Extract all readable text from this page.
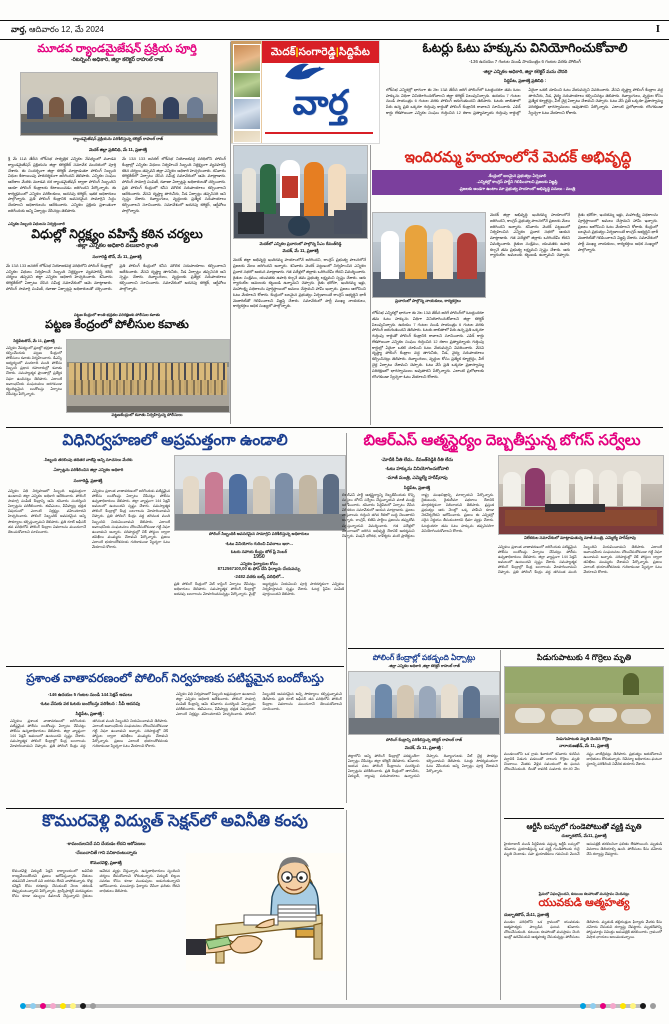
వార్త, ఆదివారం 12, మే 2024	I
మెదక్|సంగారెడ్డి|సిద్దిపేట
వార్త
మూడవ ర్యాండమైజేషన్ ప్రక్రియ పూర్తి
-రిటర్నింగ్ అధికారి, జిల్లా కలెక్టర్ రాహుల్ రాజ్
ర్యాండమైజేషన్ ప్రక్రియను పరిశీలిస్తున్న కలెక్టర్ రాహుల్ రాజ్
మెదక్ జిల్లా ప్రతినిధి, మే 11, ప్రజాశక్తి
శ్రీ మే 11వ తేదీన లోక్‌సభ సార్వత్రిక ఎన్నికల నేపథ్యంలో మూడవ ర్యాండమైజేషన్ ప్రక్రియను జిల్లా కలెక్టరేట్ సమావేశ మందిరంలో పూర్తి చేశారు. ఈ సందర్భంగా జిల్లా కలెక్టర్ మాట్లాడుతూ పోలింగ్ సిబ్బంది విధుల కేటాయింపు పారదర్శకంగా జరిగిందని తెలిపారు. ఎన్నికల సంఘం ఆదేశాల మేరకు మూడవ దశ ర్యాండమైజేషన్ ద్వారా పోలింగ్ సిబ్బందిని ఆయా పోలింగ్ కేంద్రాలకు కేటాయించడం జరిగిందని పేర్కొన్నారు. ఈ కార్యక్రమంలో ఎన్నికల పరిశీలకులు, అదనపు కలెక్టర్, ఇతర అధికారులు పాల్గొన్నారు. ప్రతి పోలింగ్ కేంద్రానికి అవసరమైన సామాగ్రిని సిద్ధం చేయాలని అధికారులను ఆదేశించారు. ఎన్నికల ప్రక్రియ ప్రశాంతంగా జరిగేందుకు అన్ని ఏర్పాట్లు చేసినట్లు తెలిపారు.
మే 13న 133 జనరల్ లోక్‌సభ నియోజకవర్గ పరిధిలోని పోలింగ్ కేంద్రాల్లో ఎన్నికల విధులు నిర్వహించే సిబ్బంది నిర్లక్ష్యంగా వ్యవహరిస్తే కఠిన చర్యలు తప్పవని జిల్లా ఎన్నికల అధికారి హెచ్చరించారు. శనివారం కలెక్టరేట్‌లో ఏర్పాటు చేసిన సమీక్ష సమావేశంలో ఆమె మాట్లాడారు. పోలింగ్ సామాగ్రి పంపిణీ, రవాణా ఏర్పాట్లపై అధికారులతో చర్చించారు. ప్రతి పోలింగ్ కేంద్రంలో కనీస మౌలిక సదుపాయాలు కల్పించాలని ఆదేశించారు. వేసవి దృష్ట్యా తాగునీరు, నీడ ఏర్పాట్లు తప్పనిసరి అని స్పష్టం చేశారు. దివ్యాంగులు, వృద్ధులకు ప్రత్యేక సదుపాయాలు కల్పించాలని సూచించారు. సమావేశంలో అదనపు కలెక్టర్, ఆర్డీవోలు పాల్గొన్నారు.
ఎన్నికల సిబ్బంది విధులను నిర్వర్తించాలి
విధుల్లో నిర్లక్ష్యం వహిస్తే కఠిన చర్యలు
-జిల్లా ఎన్నికల అధికారి వలుబారి క్రాంతి
సంగారెడ్డి టౌన్, మే 11, ప్రజాశక్తి
మే 13న 133 జనరల్ లోక్‌సభ నియోజకవర్గ పరిధిలోని పోలింగ్ కేంద్రాల్లో ఎన్నికల విధులు నిర్వహించే సిబ్బంది నిర్లక్ష్యంగా వ్యవహరిస్తే కఠిన చర్యలు తప్పవని జిల్లా ఎన్నికల అధికారి హెచ్చరించారు. శనివారం కలెక్టరేట్‌లో ఏర్పాటు చేసిన సమీక్ష సమావేశంలో ఆమె మాట్లాడారు. పోలింగ్ సామాగ్రి పంపిణీ, రవాణా ఏర్పాట్లపై అధికారులతో చర్చించారు. ప్రతి పోలింగ్ కేంద్రంలో కనీస మౌలిక సదుపాయాలు కల్పించాలని ఆదేశించారు. వేసవి దృష్ట్యా తాగునీరు, నీడ ఏర్పాట్లు తప్పనిసరి అని స్పష్టం చేశారు. దివ్యాంగులు, వృద్ధులకు ప్రత్యేక సదుపాయాలు కల్పించాలని సూచించారు. సమావేశంలో అదనపు కలెక్టర్, ఆర్డీవోలు పాల్గొన్నారు.
పట్టణ కేంద్రంలో శాంతి భద్రతల పరిరక్షణకు పోలీసుల కవాతు
పట్టణ కేంద్రంలో పోలీసుల కవాతు
సిద్దిపేటటౌన్, మే 11, ప్రజాశక్తి
ఎన్నికల నేపథ్యంలో ప్రజల్లో భద్రతా భావం కల్పించేందుకు పట్టణ కేంద్రంలో పోలీసులు కవాతు నిర్వహించారు. డీఎస్పీ ఆధ్వర్యంలో వందలాది మంది పోలీసు సిబ్బంది ప్రధాన రహదారుల్లో కవాతు చేశారు. సమస్యాత్మక ప్రాంతాల్లో ప్రత్యేక నిఘా ఉంచినట్లు తెలిపారు. ఎలాంటి అవాంఛనీయ సంఘటనలు జరగకుండా కట్టుదిట్టమైన బందోబస్తు ఏర్పాటు చేసినట్లు పేర్కొన్నారు.
పట్టణకేంద్రంలో కవాతు నిర్వహిస్తున్న పోలీసులు
మెదక్‌లో ఎన్నికల ప్రచారంలో పాల్గొన్న సీఎం రేవంత్‌రెడ్డి
మెదక్, మే 11, ప్రజాశక్తి
మెదక్ జిల్లా అభివృద్ధి ఇందిరమ్మ హయాంలోనే జరిగిందని, కాంగ్రెస్ ప్రభుత్వ పాలనలోనే ప్రజలకు మేలు జరిగిందని అన్నారు. శనివారం మెదక్ పట్టణంలో నిర్వహించిన ఎన్నికల ప్రచార సభలో ఆయన మాట్లాడారు. గత పదేళ్లలో జిల్లాకు ఒరిగిందేమీ లేదని విమర్శించారు. రైతుల సంక్షేమం, యువతకు ఉపాధి కల్పనే తమ ప్రభుత్వ లక్ష్యమని స్పష్టం చేశారు. ఆరు గ్యారంటీల అమలుకు కట్టుబడి ఉన్నామని చెప్పారు. రైతు భరోసా, ఇందిరమ్మ ఇళ్లు, మహాలక్ష్మి పథకాలను పూర్తిస్థాయిలో అమలు చేస్తామని హామీ ఇచ్చారు. ప్రజలు ఆలోచించి ఓటు వేయాలని కోరారు. కేంద్రంలో బలమైన ప్రభుత్వం ఏర్పడాలంటే కాంగ్రెస్ అభ్యర్థిని భారీ మెజారిటీతో గెలిపించాలని విజ్ఞప్తి చేశారు. సమావేశంలో పార్టీ ముఖ్య నాయకులు, కార్యకర్తలు అధిక సంఖ్యలో పాల్గొన్నారు.
ఓటర్లు ఓటు హక్కును వినియోగించుకోవాలి
-136 ఉదయం 7 గంటల నుండి సాయంత్రం 6 గంటల వరకు పోలింగ్
-జిల్లా ఎన్నికల అధికారి, జిల్లా కలెక్టర్ మను చౌదరి
సిద్దిపేట, ప్రజాశక్తి ప్రతినిధి :
లోక్‌సభ ఎన్నికల్లో భాగంగా ఈ నెల 13వ తేదీన జరిగే పోలింగ్‌లో ఓటర్లందరూ తమ ఓటు హక్కును విధిగా వినియోగించుకోవాలని జిల్లా కలెక్టర్ పిలుపునిచ్చారు. ఉదయం 7 గంటల నుండి సాయంత్రం 6 గంటల వరకు పోలింగ్ జరుగుతుందని తెలిపారు. ఓటరు జాబితాలో పేరు ఉన్న ప్రతి ఒక్కరూ గుర్తింపు కార్డుతో పోలింగ్ కేంద్రానికి రావాలని సూచించారు. ఎపిక్ కార్డు లేకపోయినా ఎన్నికల సంఘం గుర్తించిన 12 రకాల ప్రత్యామ్నాయ గుర్తింపు కార్డుల్లో ఏదైనా ఒకటి చూపించి ఓటు వేయవచ్చని వివరించారు. వేసవి దృష్ట్యా పోలింగ్ కేంద్రాల వద్ద తాగునీరు, నీడ, వైద్య సదుపాయాలు కల్పించినట్లు తెలిపారు. దివ్యాంగులు, వృద్ధుల కోసం ప్రత్యేక క్యూలైన్లు, వీల్ చైర్ల ఏర్పాటు చేశామని చెప్పారు. ఓటు వేసే ప్రతి ఒక్కరూ ప్రజాస్వామ్య పరిరక్షణలో భాగస్వాములు అవుతారని పేర్కొన్నారు. ఎలాంటి ప్రలోభాలకు లొంగకుండా స్వేచ్ఛగా ఓటు వేయాలని కోరారు.
ఇందిరమ్మ హయాంలోనే మెదక్ అభివృద్ధి
-కేంద్రంలో బలమైన ప్రభుత్వం ఏర్పడాలి
-ఎన్నికల్లో కాంగ్రెస్ పార్టీని గెలిపించాలని ప్రజలకు విజ్ఞప్తి
-ప్రజలకు అండగా ఉంటాం మా ప్రభుత్వ హయాంలో అభివృద్ధి పనులు : మంత్రి
మెదక్ జిల్లా అభివృద్ధి ఇందిరమ్మ హయాంలోనే జరిగిందని, కాంగ్రెస్ ప్రభుత్వ పాలనలోనే ప్రజలకు మేలు జరిగిందని అన్నారు. శనివారం మెదక్ పట్టణంలో నిర్వహించిన ఎన్నికల ప్రచార సభలో ఆయన మాట్లాడారు. గత పదేళ్లలో జిల్లాకు ఒరిగిందేమీ లేదని విమర్శించారు. రైతుల సంక్షేమం, యువతకు ఉపాధి కల్పనే తమ ప్రభుత్వ లక్ష్యమని స్పష్టం చేశారు. ఆరు గ్యారంటీల అమలుకు కట్టుబడి ఉన్నామని చెప్పారు. రైతు భరోసా, ఇందిరమ్మ ఇళ్లు, మహాలక్ష్మి పథకాలను పూర్తిస్థాయిలో అమలు చేస్తామని హామీ ఇచ్చారు. ప్రజలు ఆలోచించి ఓటు వేయాలని కోరారు. కేంద్రంలో బలమైన ప్రభుత్వం ఏర్పడాలంటే కాంగ్రెస్ అభ్యర్థిని భారీ మెజారిటీతో గెలిపించాలని విజ్ఞప్తి చేశారు. సమావేశంలో పార్టీ ముఖ్య నాయకులు, కార్యకర్తలు అధిక సంఖ్యలో పాల్గొన్నారు.
ప్రచారంలో పాల్గొన్న నాయకులు, కార్యకర్తలు
లోక్‌సభ ఎన్నికల్లో భాగంగా ఈ నెల 13వ తేదీన జరిగే పోలింగ్‌లో ఓటర్లందరూ తమ ఓటు హక్కును విధిగా వినియోగించుకోవాలని జిల్లా కలెక్టర్ పిలుపునిచ్చారు. ఉదయం 7 గంటల నుండి సాయంత్రం 6 గంటల వరకు పోలింగ్ జరుగుతుందని తెలిపారు. ఓటరు జాబితాలో పేరు ఉన్న ప్రతి ఒక్కరూ గుర్తింపు కార్డుతో పోలింగ్ కేంద్రానికి రావాలని సూచించారు. ఎపిక్ కార్డు లేకపోయినా ఎన్నికల సంఘం గుర్తించిన 12 రకాల ప్రత్యామ్నాయ గుర్తింపు కార్డుల్లో ఏదైనా ఒకటి చూపించి ఓటు వేయవచ్చని వివరించారు. వేసవి దృష్ట్యా పోలింగ్ కేంద్రాల వద్ద తాగునీరు, నీడ, వైద్య సదుపాయాలు కల్పించినట్లు తెలిపారు. దివ్యాంగులు, వృద్ధుల కోసం ప్రత్యేక క్యూలైన్లు, వీల్ చైర్ల ఏర్పాటు చేశామని చెప్పారు. ఓటు వేసే ప్రతి ఒక్కరూ ప్రజాస్వామ్య పరిరక్షణలో భాగస్వాములు అవుతారని పేర్కొన్నారు. ఎలాంటి ప్రలోభాలకు లొంగకుండా స్వేచ్ఛగా ఓటు వేయాలని కోరారు.
విధినిర్వహణలో అప్రమత్తంగా ఉండాలి
-సిబ్బంది తరలింపు తదితర వాటిపై అన్ని సూచనలు మేరకు
-ఏర్పాట్లను పరిశీలించిన జిల్లా ఎన్నికల అధికారి
సంగారెడ్డి, ప్రజాశక్తి
పోలింగ్ సిబ్బందికి అవసరమైన సామాగ్రిని పరిశీలిస్తున్న అధికారులు
ఎన్నికల విధి నిర్వహణలో సిబ్బంది అప్రమత్తంగా ఉండాలని జిల్లా ఎన్నికల అధికారి ఆదేశించారు. పోలింగ్ సామాగ్రి పంపిణీ కేంద్రాన్ని ఆమె శనివారం సందర్శించి ఏర్పాట్లను పరిశీలించారు. ఈవీఎంలు, వీవీప్యాట్ల భద్రత విషయంలో ఎలాంటి నిర్లక్ష్యం వహించరాదని హెచ్చరించారు. పోలింగ్ సిబ్బందికి అవసరమైన అన్ని సౌకర్యాలు కల్పిస్తున్నామని తెలిపారు. ప్రతి రూట్ ఆఫీసర్ తన పరిధిలోని పోలింగ్ కేంద్రాల వివరాలను ముందుగానే తెలుసుకోవాలని సూచించారు.
ఎన్నికలు ప్రశాంత వాతావరణంలో జరిగేందుకు పటిష్టమైన పోలీసు బందోబస్తు ఏర్పాటు చేసినట్లు పోలీసు ఉన్నతాధికారులు తెలిపారు. జిల్లా వ్యాప్తంగా 144 సెక్షన్ అమలులో ఉంటుందని స్పష్టం చేశారు. సమస్యాత్మక పోలింగ్ కేంద్రాల్లో కేంద్ర బలగాలను మోహరించామని చెప్పారు. ప్రతి పోలింగ్ కేంద్రం వద్ద తగినంత మంది సిబ్బందిని నియమించామని తెలిపారు. ఎలాంటి అవాంఛనీయ సంఘటనలు చోటుచేసుకోకుండా గట్టి నిఘా ఉంచామని అన్నారు. సరిహద్దుల్లో చెక్ పోస్టుల ద్వారా తనిఖీలు ముమ్మరం చేశామని పేర్కొన్నారు. ప్రజలు ఎలాంటి భయాందోళనలకు గురికాకుండా స్వేచ్ఛగా ఓటు వేయాలని కోరారు.
-ఓటు వినియోగం గురించి వివరాలు ఇలా...
ఓటరు సహాయ కేంద్రం టోల్ ఫ్రీ నెంబర్
1950
ఎన్నికల ఫిర్యాదుల కోసం
8712567100,00 కు ఫోన్ చేసి ఫిర్యాదు చేయవచ్చు
-2482 వరకు బల్క్ పరిధిలో...
ప్రతి పోలింగ్ కేంద్రంలో వెబ్ కాస్టింగ్ ఏర్పాటు చేసినట్లు అధికారులు తెలిపారు. సమస్యాత్మక పోలింగ్ కేంద్రాల్లో అదనపు బలగాలను మోహరించనున్నట్లు పేర్కొన్నారు. మైక్రో అబ్జర్వర్లను నియమించి పూర్తి పారదర్శకంగా ఎన్నికలు నిర్వహిస్తామని స్పష్టం చేశారు. ఓటర్ల స్లిప్‌ల పంపిణీ పూర్తయిందని తెలిపారు.
బిఆర్ఎస్ ఆత్మస్థైర్యం దెబ్బతీస్తున్న బోగస్ సర్వేలు
-మోదీకి నీతి లేదు.. రేవంత్‌రెడ్డికి రీతి లేదు
-ఓటు హక్కును వినియోగించుకోవాలి
-మాజీ మంత్రి, ఎమ్మెల్యే హరీష్‌రావు
విలేకరుల సమావేశంలో మాట్లాడుతున్న మాజీ మంత్రి, ఎమ్మెల్యే హరీష్‌రావు
సిద్దిపేట, ప్రజాశక్తి
బిఆర్ఎస్ పార్టీ ఆత్మస్థైర్యాన్ని దెబ్బతీసేందుకు కొన్ని సంస్థలు బోగస్ సర్వేలు చేస్తున్నాయని మాజీ మంత్రి ఆరోపించారు. శనివారం సిద్దిపేటలో ఏర్పాటు చేసిన విలేకరుల సమావేశంలో ఆయన మాట్లాడారు. ప్రజలు వాస్తవాలను గుర్తించి తగిన రీతిలో బుద్ధి చెబుతారని అన్నారు. కాంగ్రెస్, బిజెపి పార్టీలు ప్రజలను తప్పుదోవ పట్టిస్తున్నాయని విమర్శించారు. గత పదేళ్లలో తెలంగాణలో జరిగిన అభివృద్ధి దేశానికే ఆదర్శమని చెప్పారు. మిషన్ భగీరథ, కాళేశ్వరం వంటి ప్రాజెక్టులు రాష్ట్ర ముఖచిత్రాన్ని మార్చాయని పేర్కొన్నారు. రైతుబంధు, రైతుబీమా పథకాలు దేశానికి మార్గదర్శకంగా నిలిచాయని తెలిపారు. ప్రస్తుత ప్రభుత్వం ఆరు నెలల్లో ఒక్క హామీని కూడా నెరవేర్చలేదని ఆరోపించారు. ప్రజలు ఈ ఎన్నికల్లో సరైన నిర్ణయం తీసుకుంటారని ధీమా వ్యక్తం చేశారు. ఓటర్లందరూ తమ ఓటు హక్కును తప్పనిసరిగా వినియోగించుకోవాలని కోరారు.
ఎన్నికలు ప్రశాంత వాతావరణంలో జరిగేందుకు పటిష్టమైన పోలీసు బందోబస్తు ఏర్పాటు చేసినట్లు పోలీసు ఉన్నతాధికారులు తెలిపారు. జిల్లా వ్యాప్తంగా 144 సెక్షన్ అమలులో ఉంటుందని స్పష్టం చేశారు. సమస్యాత్మక పోలింగ్ కేంద్రాల్లో కేంద్ర బలగాలను మోహరించామని చెప్పారు. ప్రతి పోలింగ్ కేంద్రం వద్ద తగినంత మంది సిబ్బందిని నియమించామని తెలిపారు. ఎలాంటి అవాంఛనీయ సంఘటనలు చోటుచేసుకోకుండా గట్టి నిఘా ఉంచామని అన్నారు. సరిహద్దుల్లో చెక్ పోస్టుల ద్వారా తనిఖీలు ముమ్మరం చేశామని పేర్కొన్నారు. ప్రజలు ఎలాంటి భయాందోళనలకు గురికాకుండా స్వేచ్ఛగా ఓటు వేయాలని కోరారు.
ప్రశాంత వాతావరణంలో పోలింగ్ నిర్వహణకు పటిష్టమైన బందోబస్తు
-146 ఉదయం 5 గంటల నుండి 144 సెక్షన్ అమలు
-ఓటు వేసుకు పక ఓటరు బందోబస్తు పరిశీలన : సీపీ ఆదనపు
సిద్దిపేట, ప్రజాశక్తి :
ఎన్నికలు ప్రశాంత వాతావరణంలో జరిగేందుకు పటిష్టమైన పోలీసు బందోబస్తు ఏర్పాటు చేసినట్లు పోలీసు ఉన్నతాధికారులు తెలిపారు. జిల్లా వ్యాప్తంగా 144 సెక్షన్ అమలులో ఉంటుందని స్పష్టం చేశారు. సమస్యాత్మక పోలింగ్ కేంద్రాల్లో కేంద్ర బలగాలను మోహరించామని చెప్పారు. ప్రతి పోలింగ్ కేంద్రం వద్ద తగినంత మంది సిబ్బందిని నియమించామని తెలిపారు. ఎలాంటి అవాంఛనీయ సంఘటనలు చోటుచేసుకోకుండా గట్టి నిఘా ఉంచామని అన్నారు. సరిహద్దుల్లో చెక్ పోస్టుల ద్వారా తనిఖీలు ముమ్మరం చేశామని పేర్కొన్నారు. ప్రజలు ఎలాంటి భయాందోళనలకు గురికాకుండా స్వేచ్ఛగా ఓటు వేయాలని కోరారు.
ఎన్నికల విధి నిర్వహణలో సిబ్బంది అప్రమత్తంగా ఉండాలని జిల్లా ఎన్నికల అధికారి ఆదేశించారు. పోలింగ్ సామాగ్రి పంపిణీ కేంద్రాన్ని ఆమె శనివారం సందర్శించి ఏర్పాట్లను పరిశీలించారు. ఈవీఎంలు, వీవీప్యాట్ల భద్రత విషయంలో ఎలాంటి నిర్లక్ష్యం వహించరాదని హెచ్చరించారు. పోలింగ్ సిబ్బందికి అవసరమైన అన్ని సౌకర్యాలు కల్పిస్తున్నామని తెలిపారు. ప్రతి రూట్ ఆఫీసర్ తన పరిధిలోని పోలింగ్ కేంద్రాల వివరాలను ముందుగానే తెలుసుకోవాలని సూచించారు.
పోలింగ్ కేంద్రాల్లో పకడ్బంది ఏర్పాట్లు
-జిల్లా ఎన్నికల అధికారి ,జిల్లా కలెక్టర్ రాహుల్ రాజ్
పోలింగ్ కేంద్రాన్ని పరిశీలిస్తున్న కలెక్టర్ రాహుల్ రాజ్
మెదక్, మే 11, ప్రజాశక్తి :
జిల్లాలోని అన్ని పోలింగ్ కేంద్రాల్లో పకడ్బందీగా ఏర్పాట్లు చేసినట్లు జిల్లా కలెక్టర్ తెలిపారు. శనివారం ఆయన పలు పోలింగ్ కేంద్రాలను సందర్శించి ఏర్పాట్లను పరిశీలించారు. ప్రతి కేంద్రంలో తాగునీరు, విద్యుత్, ర్యాంపు సదుపాయాలు ఉన్నాయని చెప్పారు. దివ్యాంగులకు వీల్ చైర్ల సౌకర్యం కల్పించామని తెలిపారు. ఓటర్లు సౌకర్యవంతంగా ఓటు వేసేందుకు అన్ని ఏర్పాట్లు పూర్తి చేశామని పేర్కొన్నారు.
పిడుగుపాటుకు 4 గొర్రెలు మృతి
పిడుగుపాటుకు మృతి చెందిన గొర్రెలు
నారాయణఖేడ్, మే 11, ప్రజాశక్తి
మండలంలోని ఒక గ్రామ శివారులో శనివారం కురిసిన వర్షానికి పిడుగు పడటంతో నాలుగు గొర్రెలు మృతి చెందాయి. మేతకు వెళ్లిన సమయంలో ఈ ఘటన చోటుచేసుకుంది. దీంతో కాపరికి సుమారు రూ.40 వేల నష్టం వాటిల్లినట్లు తెలిపారు. ప్రభుత్వం ఆదుకోవాలని బాధితులు కోరుతున్నారు. రెవెన్యూ అధికారులు ఘటనా స్థలాన్ని పరిశీలించి నివేదిక తయారు చేశారు.
కొమురవెళ్లి విద్యుత్ సెక్షన్‌లో అవినీతి కంపు
-కామందులనిదే పని చేయడం లేదని ఆరోపణలు
-చేయిచాచితే గాని పనికాదంటున్నారు
కొమురవెళ్లి, ప్రజాశక్తి
కొమురవెళ్లి విద్యుత్ సెక్షన్ కార్యాలయంలో అవినీతి రాజ్యమేలుతోందని ప్రజలు ఆరోపిస్తున్నారు. చేతులు తడపనిదే ఎలాంటి పని జరగడం లేదని వాపోతున్నారు. కొత్త కనెక్షన్ కోసం దరఖాస్తు చేసుకుంటే నెలల తరబడి తిప్పుకుంటున్నారని పేర్కొన్నారు. ట్రాన్స్‌ఫార్మర్ మరమ్మతుల కోసం కూడా డబ్బులు డిమాండ్ చేస్తున్నారని రైతులు ఆవేదన వ్యక్తం చేస్తున్నారు. ఉన్నతాధికారులు స్పందించి చర్యలు తీసుకోవాలని కోరుతున్నారు. విద్యుత్ బిల్లుల సవరణ కోసం కూడా ముడుపులు అడుగుతున్నారని ఆరోపించారు. పలుమార్లు ఫిర్యాదు చేసినా ఫలితం లేదని బాధితులు తెలిపారు.
ఆర్టీసీ బస్సులో గుండెపోటుతో వ్యక్తి మృతి
దుబ్బాకటౌన్, మే11, ప్రజాశక్తి
హైదరాబాద్ నుండి సిద్దిపేటకు వస్తున్న ఆర్టీసీ బస్సులో శనివారం ప్రయాణిస్తున్న ఒక వ్యక్తి గుండెపోటుకు గురై మృతి చెందాడు. సహ ప్రయాణికులు గమనించి వెంటనే ఆసుపత్రికి తరలించినా ఫలితం లేకపోయింది. మృతుడి వివరాలు తెలియాల్సి ఉంది. పోలీసులు కేసు నమోదు చేసి దర్యాప్తు చేపట్టారు.
ప్రేమలో విఫలమైందని, కుటుంబ కలహాలతో మనస్తాపం చెందినట్లు
యువకుడి ఆత్మహత్య
దుబ్బాకటౌన్, మే11, ప్రజాశక్తి
మండల పరిధిలోని ఒక గ్రామంలో యువకుడు ఆత్మహత్యకు పాల్పడిన ఘటన శనివారం చోటుచేసుకుంది. కుటుంబ కలహాలతో మనస్తాపం చెంది ఇంట్లో ఉరివేసుకుని ఆత్మహత్య చేసుకున్నట్లు పోలీసులు తెలిపారు. మృతుడి తల్లిదండ్రుల ఫిర్యాదు మేరకు కేసు నమోదు చేసుకుని దర్యాప్తు చేపట్టారు. మృతదేహాన్ని పోస్టుమార్టం నిమిత్తం ఆసుపత్రికి తరలించారు. గ్రామంలో విషాద ఛాయలు అలుముకున్నాయి.
